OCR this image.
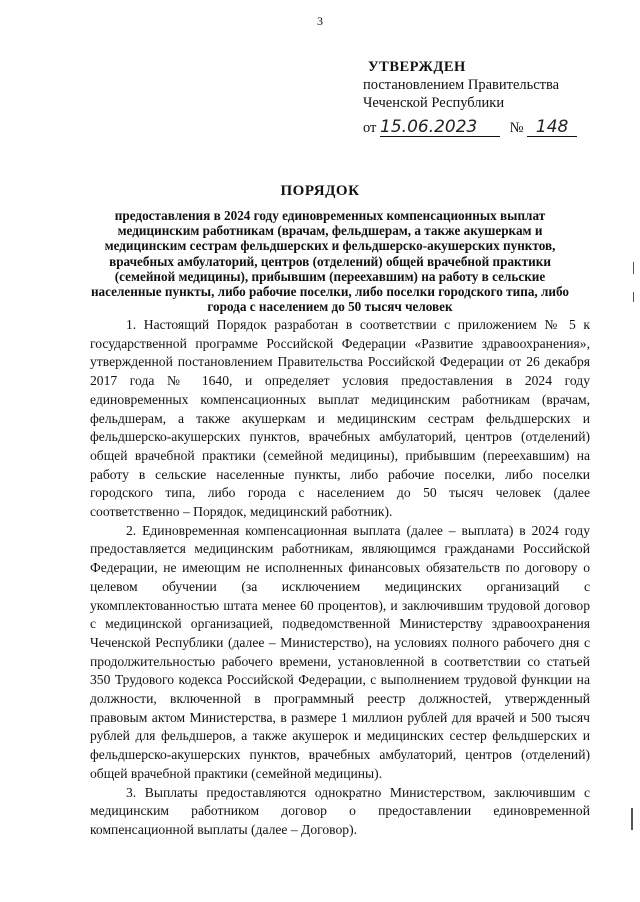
3
УТВЕРЖДЕН
постановлением Правительства
Чеченской Республики
от 15.06.2023 № 148
ПОРЯДОК
предоставления в 2024 году единовременных компенсационных выплат медицинским работникам (врачам, фельдшерам, а также акушеркам и медицинским сестрам фельдшерских и фельдшерско-акушерских пунктов, врачебных амбулаторий, центров (отделений) общей врачебной практики (семейной медицины), прибывшим (переехавшим) на работу в сельские населенные пункты, либо рабочие поселки, либо поселки городского типа, либо города с населением до 50 тысяч человек

1. Настоящий Порядок разработан в соответствии с приложением № 5 к государственной программе Российской Федерации «Развитие здравоохранения», утвержденной постановлением Правительства Российской Федерации от 26 декабря 2017 года № 1640, и определяет условия предоставления в 2024 году единовременных компенсационных выплат медицинским работникам (врачам, фельдшерам, а также акушеркам и медицинским сестрам фельдшерских и фельдшерско-акушерских пунктов, врачебных амбулаторий, центров (отделений) общей врачебной практики (семейной медицины), прибывшим (переехавшим) на работу в сельские населенные пункты, либо рабочие поселки, либо поселки городского типа, либо города с населением до 50 тысяч человек (далее соответственно – Порядок, медицинский работник).

2. Единовременная компенсационная выплата (далее – выплата) в 2024 году предоставляется медицинским работникам, являющимся гражданами Российской Федерации, не имеющим не исполненных финансовых обязательств по договору о целевом обучении (за исключением медицинских организаций с укомплектованностью штата менее 60 процентов), и заключившим трудовой договор с медицинской организацией, подведомственной Министерству здравоохранения Чеченской Республики (далее – Министерство), на условиях полного рабочего дня с продолжительностью рабочего времени, установленной в соответствии со статьей 350 Трудового кодекса Российской Федерации, с выполнением трудовой функции на должности, включенной в программный реестр должностей, утвержденный правовым актом Министерства, в размере 1 миллион рублей для врачей и 500 тысяч рублей для фельдшеров, а также акушерок и медицинских сестер фельдшерских и фельдшерско-акушерских пунктов, врачебных амбулаторий, центров (отделений) общей врачебной практики (семейной медицины).

3. Выплаты предоставляются однократно Министерством, заключившим с медицинским работником договор о предоставлении единовременной компенсационной выплаты (далее – Договор).
